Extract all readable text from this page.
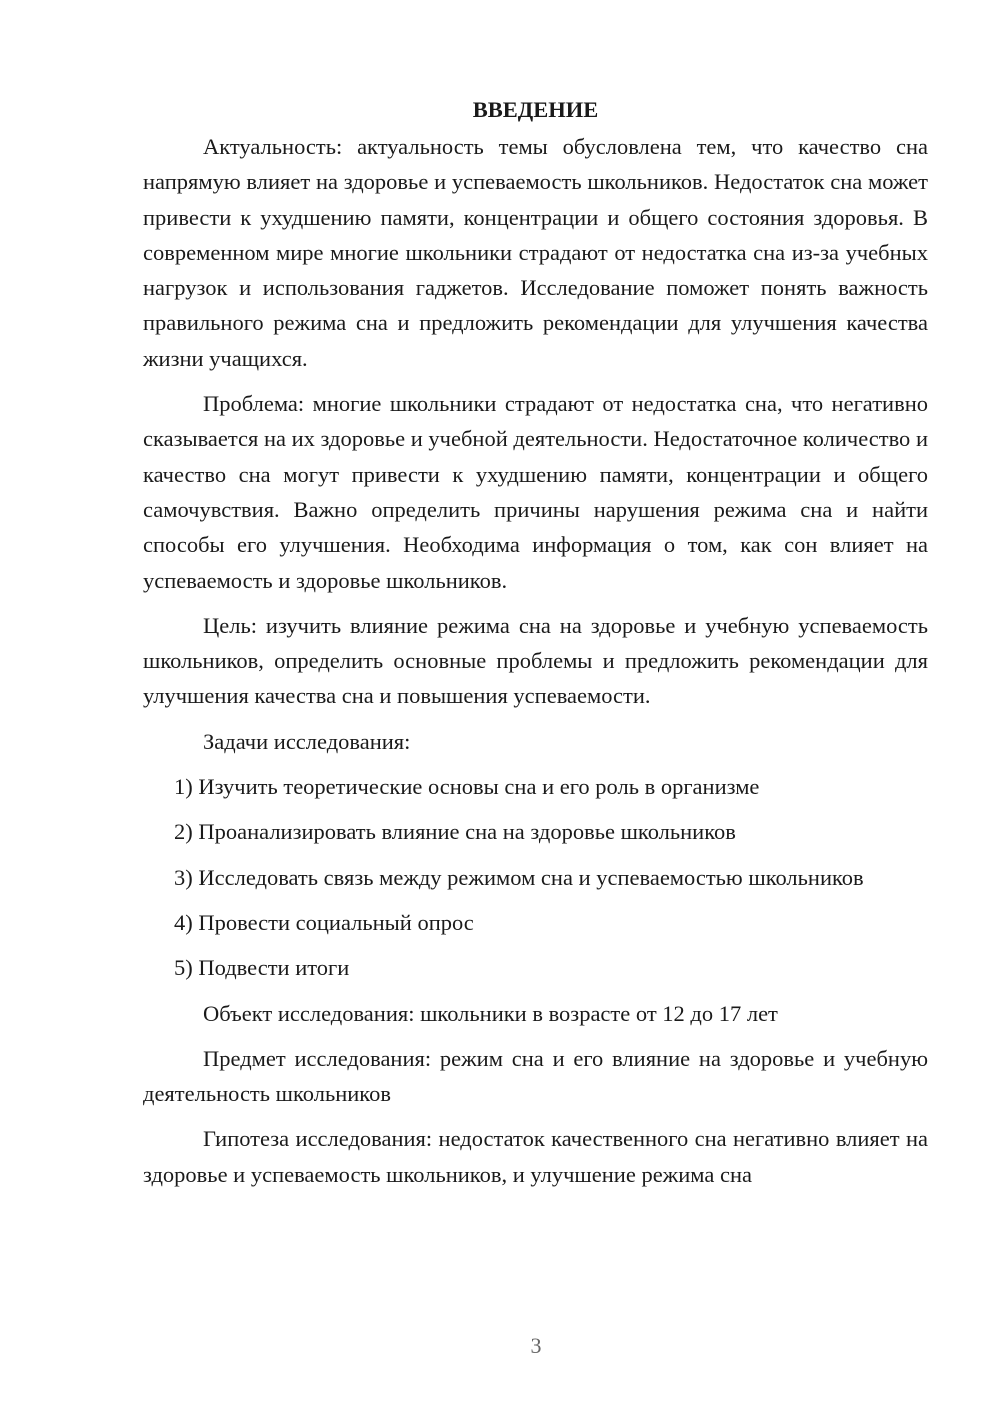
ВВЕДЕНИЕ

Актуальность: актуальность темы обусловлена тем, что качество сна напрямую влияет на здоровье и успеваемость школьников. Недостаток сна может привести к ухудшению памяти, концентрации и общего состояния здоровья. В современном мире многие школьники страдают от недостатка сна из-за учебных нагрузок и использования гаджетов. Исследование поможет понять важность правильного режима сна и предложить рекомендации для улучшения качества жизни учащихся.

Проблема: многие школьники страдают от недостатка сна, что негативно сказывается на их здоровье и учебной деятельности. Недостаточное количество и качество сна могут привести к ухудшению памяти, концентрации и общего самочувствия. Важно определить причины нарушения режима сна и найти способы его улучшения. Необходима информация о том, как сон влияет на успеваемость и здоровье школьников.

Цель: изучить влияние режима сна на здоровье и учебную успеваемость школьников, определить основные проблемы и предложить рекомендации для улучшения качества сна и повышения успеваемости.

Задачи исследования:

1) Изучить теоретические основы сна и его роль в организме

2) Проанализировать влияние сна на здоровье школьников

3) Исследовать связь между режимом сна и успеваемостью школьников

4) Провести социальный опрос

5) Подвести итоги

Объект исследования: школьники в возрасте от 12 до 17 лет

Предмет исследования: режим сна и его влияние на здоровье и учебную деятельность школьников

Гипотеза исследования: недостаток качественного сна негативно влияет на здоровье и успеваемость школьников, и улучшение режима сна

3
